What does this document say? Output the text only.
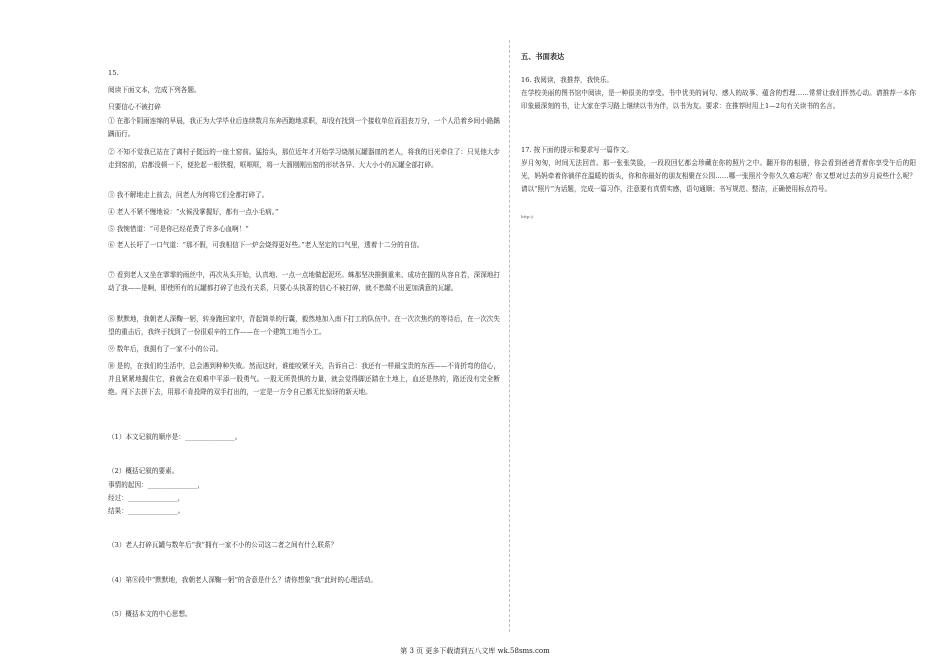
15.
阅读下面文本，完成下列各题。
只要信心不被打碎
① 在那个阴雨连绵的早晨，我正为大学毕业后连续数月东奔西跑地求职，却没有找到一个接收单位而沮丧万分，一个人沿着乡间小路踽踽而行。
② 不知不觉我已站在了离村子挺远的一座土窑前。猛抬头，那位近年才开始学习烧制瓦罐器皿的老人，将我的目光牵住了：只见他大步走到窑前，启都没顿一下，便抡起一根铁棍，哐哐哐，将一大溜刚刚出窑的形状各异、大大小小的瓦罐全部打碎。
③ 我不解地走上前去，问老人为何将它们全都打碎了。
④ 老人不紧不慢地说：“火候没掌握好，都有一点小毛病。”
⑤ 我惋惜道：“可是你已经花费了许多心血啊！”
⑥ 老人长吁了一口气道：“那不假，可我相信下一炉会烧得更好些。”老人坚定的口气里，透着十二分的自信。
⑦ 看到老人又坐在霏霏的雨丝中，再次从头开始，认真地、一点一点地做起泥坯。蛛那坚决推倒重来、成功在握的从容自若，深深地打动了我——是啊，即使所有的瓦罐都打碎了也没有关系，只要心头执著的信心不被打碎，就不愁做不出更加满意的瓦罐。
⑧ 默默地，我朝老人深鞠一躬，转身跑回家中，背起简单的行囊，毅然地加入南下打工的队伍中。在一次次焦灼的等待后，在一次次失望的重击后，我终于找到了一份很艰辛的工作——在一个建筑工地当小工。
⑨ 数年后，我拥有了一家不小的公司。
⑩ 是的，在我们的生活中，总会遇到种种失败。然而这时，谁能咬紧牙关，告诉自己：我还有一样最宝贵的东西——不肯折弯的信心，并且紧紧地握住它，谁就会在艰难中平添一股勇气。一股无所畏惧的力量，就会觉得脚还踏在土地上，血还是热的，路还没有完全断绝。闯下去拼下去，用那不肯投降的双手打出的，一定是一方令自己都无比惊讶的新天地。
（1）本文记叙的顺序是：_______________。
（2）概括记叙的要素。
事情的起因：_______________，
经过：_______________，
结果：_______________。
（3）老人打碎瓦罐与数年后“我”拥有一家不小的公司这二者之间有什么联系？
（4）第⑧段中“默默地，我朝老人深鞠一躬”的含意是什么？请你想象“我”此时的心理活动。
（5）概括本文的中心思想。
五、书面表达
16. 我阅读，我推荐，我快乐。
在学校美丽的图书馆中阅读，是一种很美的享受。书中优美的词句、感人的故事、蕴含的哲理……常常让我们怦然心动。请推荐一本你印象最深刻的书，让大家在学习路上继续以书为伴，以书为友。要求：在推荐时用上1—2句有关读书的名言。
17. 按下面的提示和要求写一篇作文。
岁月匆匆，时间无法回首。那一张张笑脸，一段段回忆都会珍藏在你的照片之中。翻开你的相册，你会看到爸爸背着你享受午后的阳光，妈妈牵着你徜徉在温暖的街头，你和你最好的朋友相聚在公园……哪一张照片令你久久难忘呢？你又想对过去的岁月说些什么呢？请以“照片”为话题，完成一篇习作，注意要有真情实感，语句通顺；书写规范、整洁，正确使用标点符号。
http://
第 3 页 更多下载请到五八文库 wk.58sms.com
